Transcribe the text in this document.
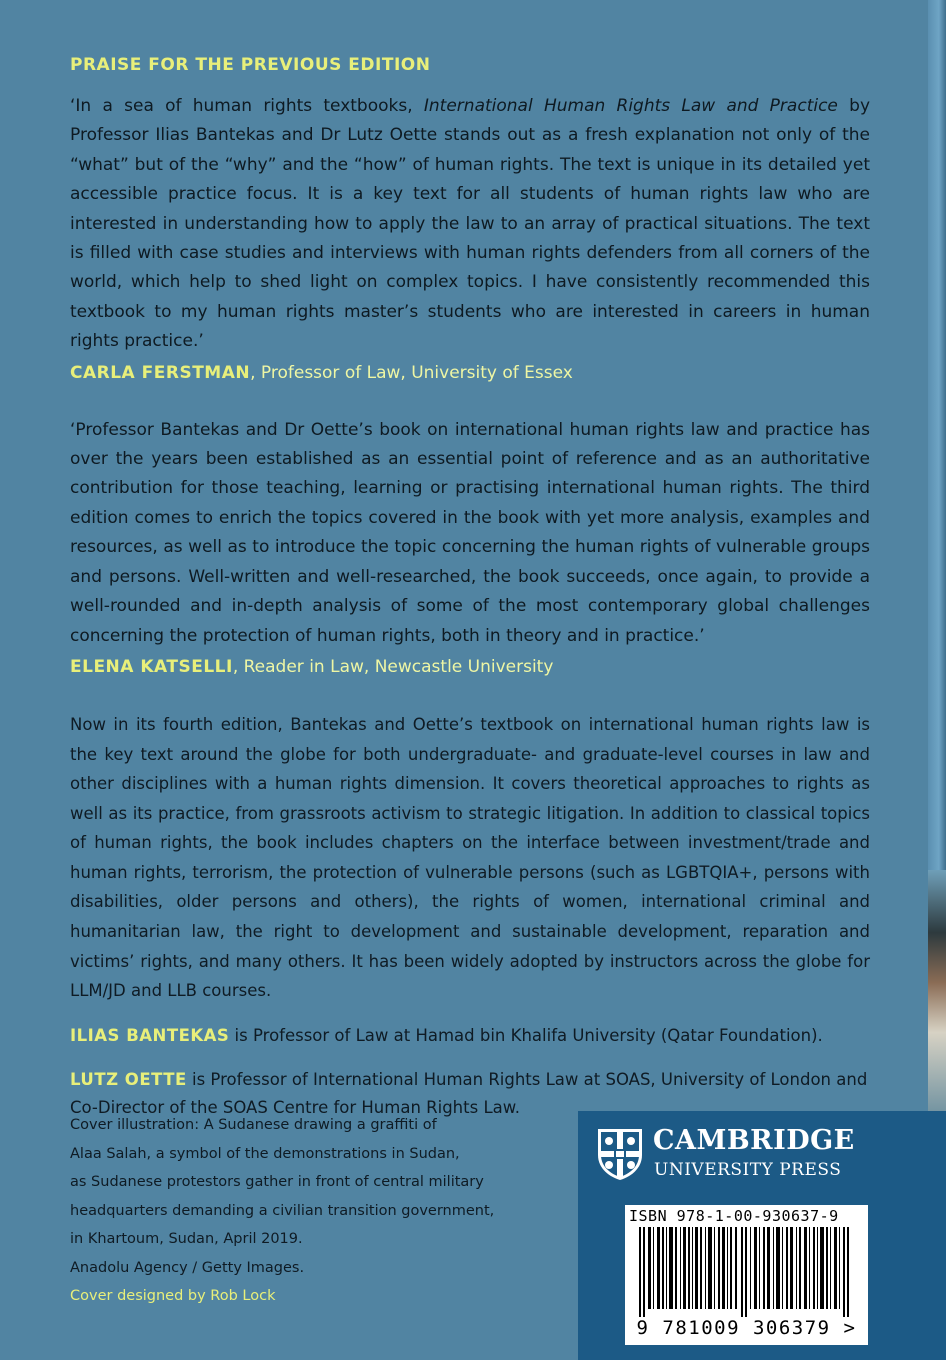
PRAISE FOR THE PREVIOUS EDITION

‘In a sea of human rights textbooks, International Human Rights Law and Practice by Professor Ilias Bantekas and Dr Lutz Oette stands out as a fresh explanation not only of the “what” but of the “why” and the “how” of human rights. The text is unique in its detailed yet accessible practice focus. It is a key text for all students of human rights law who are interested in understanding how to apply the law to an array of practical situations. The text is filled with case studies and interviews with human rights defenders from all corners of the world, which help to shed light on complex topics. I have consistently recommended this textbook to my human rights master’s students who are interested in careers in human rights practice.’

CARLA FERSTMAN, Professor of Law, University of Essex

‘Professor Bantekas and Dr Oette’s book on international human rights law and practice has over the years been established as an essential point of reference and as an authoritative contribution for those teaching, learning or practising international human rights. The third edition comes to enrich the topics covered in the book with yet more analysis, examples and resources, as well as to introduce the topic concerning the human rights of vulnerable groups and persons. Well-written and well-researched, the book succeeds, once again, to provide a well-rounded and in-depth analysis of some of the most contemporary global challenges concerning the protection of human rights, both in theory and in practice.’

ELENA KATSELLI, Reader in Law, Newcastle University

Now in its fourth edition, Bantekas and Oette’s textbook on international human rights law is the key text around the globe for both undergraduate- and graduate-level courses in law and other disciplines with a human rights dimension. It covers theoretical approaches to rights as well as its practice, from grassroots activism to strategic litigation. In addition to classical topics of human rights, the book includes chapters on the interface between investment/trade and human rights, terrorism, the protection of vulnerable persons (such as LGBTQIA+, persons with disabilities, older persons and others), the rights of women, international criminal and humanitarian law, the right to development and sustainable development, reparation and victims’ rights, and many others. It has been widely adopted by instructors across the globe for LLM/JD and LLB courses.

ILIAS BANTEKAS is Professor of Law at Hamad bin Khalifa University (Qatar Foundation).

LUTZ OETTE is Professor of International Human Rights Law at SOAS, University of London and Co-Director of the SOAS Centre for Human Rights Law.

Cover illustration: A Sudanese drawing a graffiti of
Alaa Salah, a symbol of the demonstrations in Sudan,
as Sudanese protestors gather in front of central military
headquarters demanding a civilian transition government,
in Khartoum, Sudan, April 2019.
Anadolu Agency / Getty Images.
Cover designed by Rob Lock
CAMBRIDGE
UNIVERSITY PRESS
ISBN 978-1-00-930637-9
9 781009 306379 >
